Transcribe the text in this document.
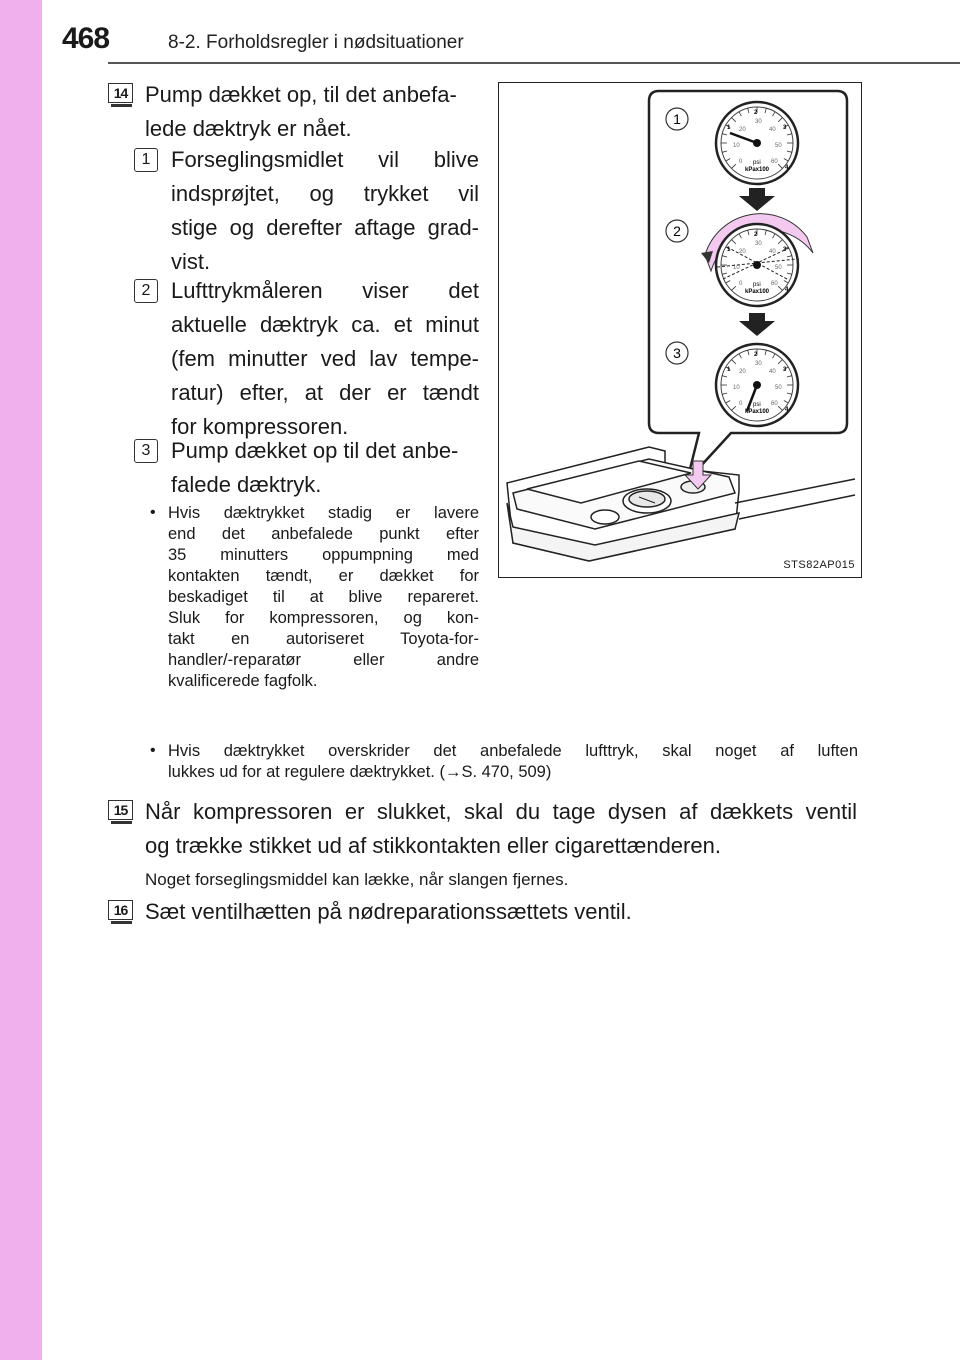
468	8-2. Forholdsregler i nødsituationer
14 Pump dækket op, til det anbefa-
lede dæktryk er nået.
1 Forseglingsmidlet vil blive
indsprøjtet, og trykket vil
stige og derefter aftage grad-
vist.
2 Lufttrykmåleren viser det
aktuelle dæktryk ca. et minut
(fem minutter ved lav tempe-
ratur) efter, at der er tændt
for kompressoren.
3 Pump dækket op til det anbe-
falede dæktryk.
• Hvis dæktrykket stadig er lavere
end det anbefalede punkt efter
35 minutters oppumpning med
kontakten tændt, er dækket for
beskadiget til at blive repareret.
Sluk for kompressoren, og kon-
takt en autoriseret Toyota-for-
handler/-reparatør eller andre
kvalificerede fagfolk.
• Hvis dæktrykket overskrider det anbefalede lufttryk, skal noget af luften
lukkes ud for at regulere dæktrykket. (→S. 470, 509)
15 Når kompressoren er slukket, skal du tage dysen af dækkets ventil
og trække stikket ud af stikkontakten eller cigarettænderen.
Noget forseglingsmiddel kan lække, når slangen fjernes.
16 Sæt ventilhætten på nødreparationssættets ventil.
20	40
10	50
0	60
2
1	3
4
psi
kPax100
1
2
3
STS82AP015
